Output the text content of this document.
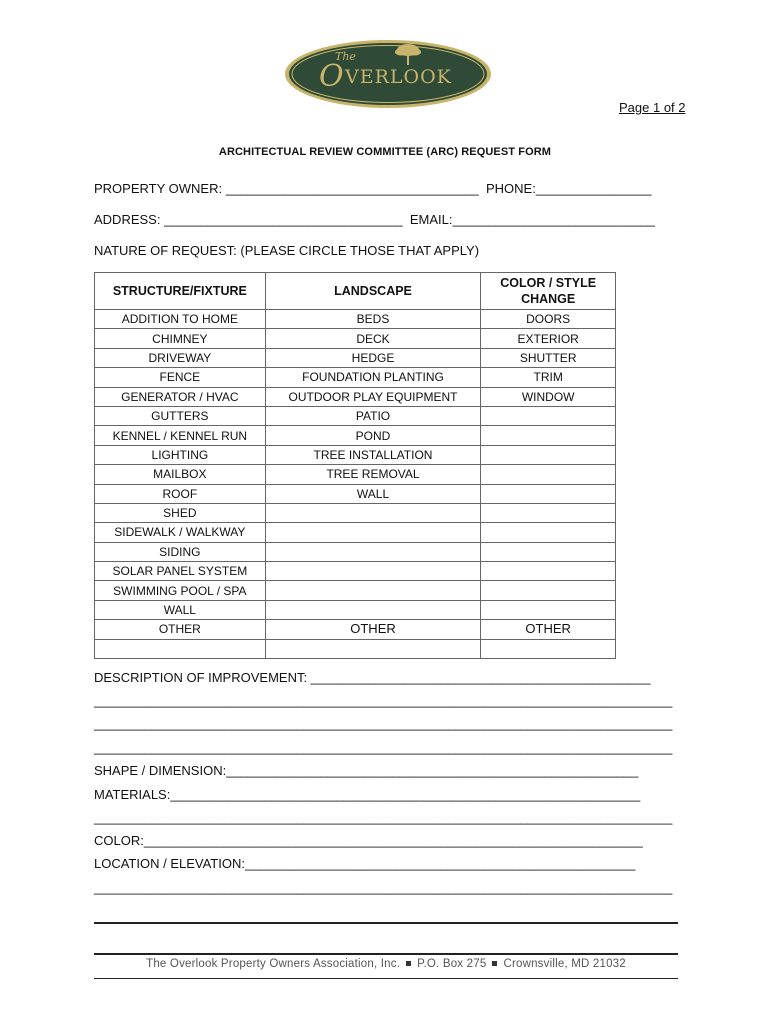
The
O VERLOOK
Page 1 of 2
ARCHITECTUAL REVIEW COMMITTEE (ARC) REQUEST FORM
PROPERTY OWNER: ___________________________________  PHONE:________________
ADDRESS: _________________________________  EMAIL:____________________________
NATURE OF REQUEST: (PLEASE CIRCLE THOSE THAT APPLY)
STRUCTURE/FIXTURE	LANDSCAPE	COLOR / STYLE CHANGE
ADDITION TO HOME	BEDS	DOORS
CHIMNEY	DECK	EXTERIOR
DRIVEWAY	HEDGE	SHUTTER
FENCE	FOUNDATION PLANTING	TRIM
GENERATOR / HVAC	OUTDOOR PLAY EQUIPMENT	WINDOW
GUTTERS	PATIO	
KENNEL / KENNEL RUN	POND	
LIGHTING	TREE INSTALLATION	
MAILBOX	TREE REMOVAL	
ROOF	WALL	
SHED		
SIDEWALK / WALKWAY		
SIDING		
SOLAR PANEL SYSTEM		
SWIMMING POOL / SPA		
WALL		
OTHER	OTHER	OTHER

DESCRIPTION OF IMPROVEMENT: _______________________________________________
________________________________________________________________________________
________________________________________________________________________________
________________________________________________________________________________
SHAPE / DIMENSION:_________________________________________________________
MATERIALS:_________________________________________________________________
________________________________________________________________________________
COLOR:_____________________________________________________________________
LOCATION / ELEVATION:______________________________________________________
________________________________________________________________________________
The Overlook Property Owners Association, Inc. P.O. Box 275 Crownsville, MD 21032
